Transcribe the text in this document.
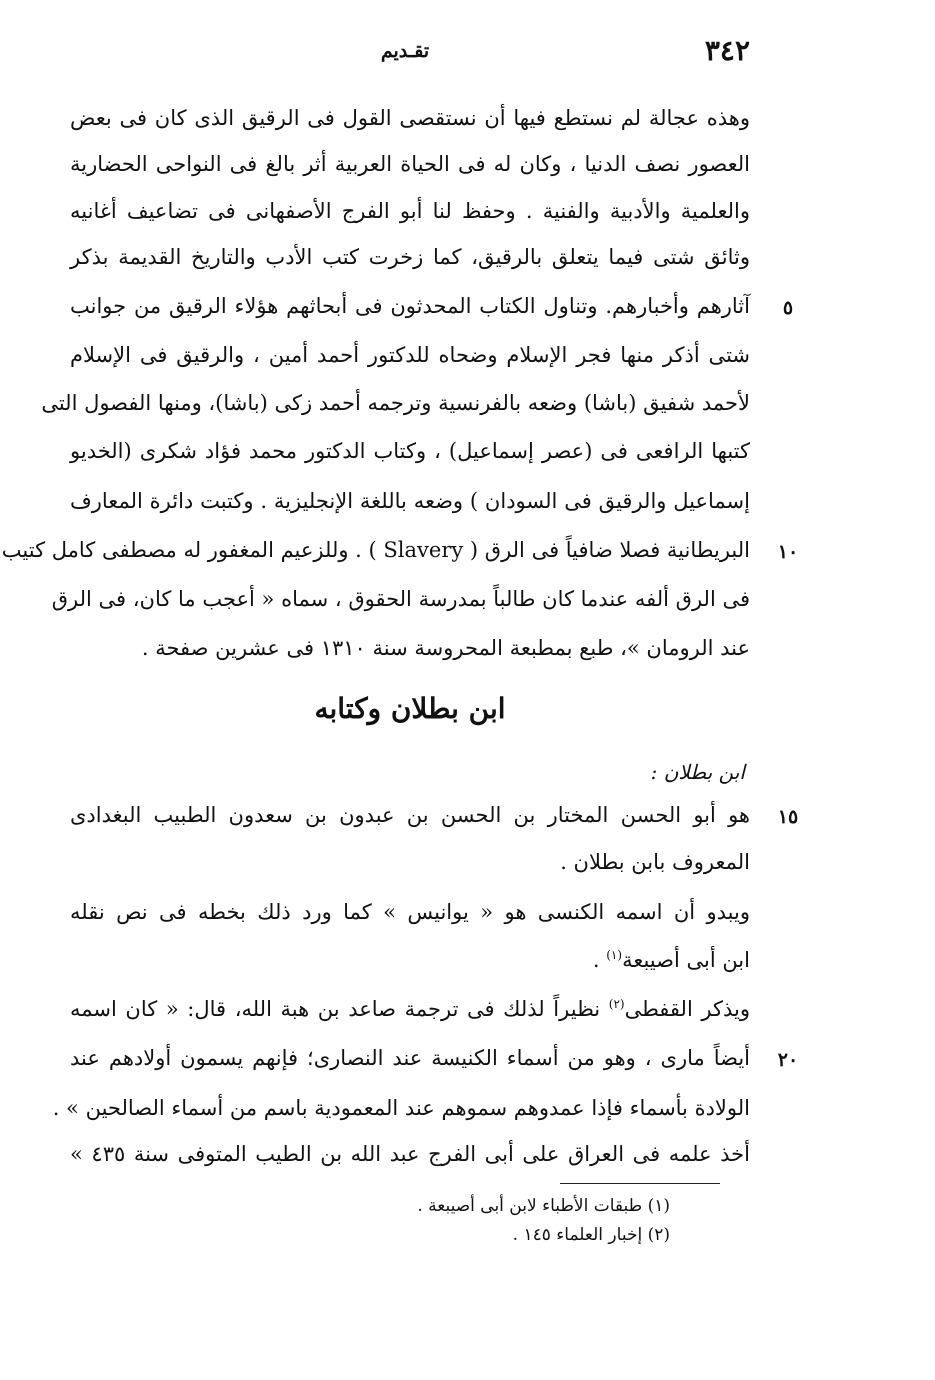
٣٤٢
تقـديم
وهذه عجالة لم نستطع فيها أن نستقصى القول فى الرقيق الذى كان فى بعض
العصور نصف الدنيا ، وكان له فى الحياة العربية أثر بالغ فى النواحى الحضارية
والعلمية والأدبية والفنية . وحفظ لنا أبو الفرج الأصفهانى فى تضاعيف أغانيه
وثائق شتى فيما يتعلق بالرقيق، كما زخرت كتب الأدب والتاريخ القديمة بذكر
آثارهم وأخبارهم. وتناول الكتاب المحدثون فى أبحاثهم هؤلاء الرقيق من جوانب
شتى أذكر منها فجر الإسلام وضحاه للدكتور أحمد أمين ، والرقيق فى الإسلام
لأحمد شفيق (باشا) وضعه بالفرنسية وترجمه أحمد زكى (باشا)، ومنها الفصول التى
كتبها الرافعى فى (عصر إسماعيل) ، وكتاب الدكتور محمد فؤاد شكرى (الخديو
إسماعيل والرقيق فى السودان ) وضعه باللغة الإنجليزية . وكتبت دائرة المعارف
البريطانية فصلا ضافياً فى الرق ( Slavery ) . وللزعيم المغفور له مصطفى كامل كتيب
فى الرق ألفه عندما كان طالباً بمدرسة الحقوق ، سماه « أعجب ما كان، فى الرق
عند الرومان »، طبع بمطبعة المحروسة سنة ١٣١٠ فى عشرين صفحة .
ابن بطلان وكتابه
ابن بطلان :
هو أبو الحسن المختار بن الحسن بن عبدون بن سعدون الطبيب البغدادى
المعروف بابن بطلان .
ويبدو أن اسمه الكنسى هو « يوانيس » كما ورد ذلك بخطه فى نص نقله
ابن أبى أصيبعة$^{(١)}$ .
ويذكر القفطى$^{(٢)}$ نظيراً لذلك فى ترجمة صاعد بن هبة الله، قال: « كان اسمه
أيضاً مارى ، وهو من أسماء الكنيسة عند النصارى؛ فإنهم يسمون أولادهم عند
الولادة بأسماء فإذا عمدوهم سموهم عند المعمودية باسم من أسماء الصالحين » .
أخذ علمه فى العراق على أبى الفرج عبد الله بن الطيب المتوفى سنة ٤٣٥ »
٥
١٠
١٥
٢٠
(١) طبقات الأطباء لابن أبى أصيبعة .
(٢) إخبار العلماء ١٤٥ .
